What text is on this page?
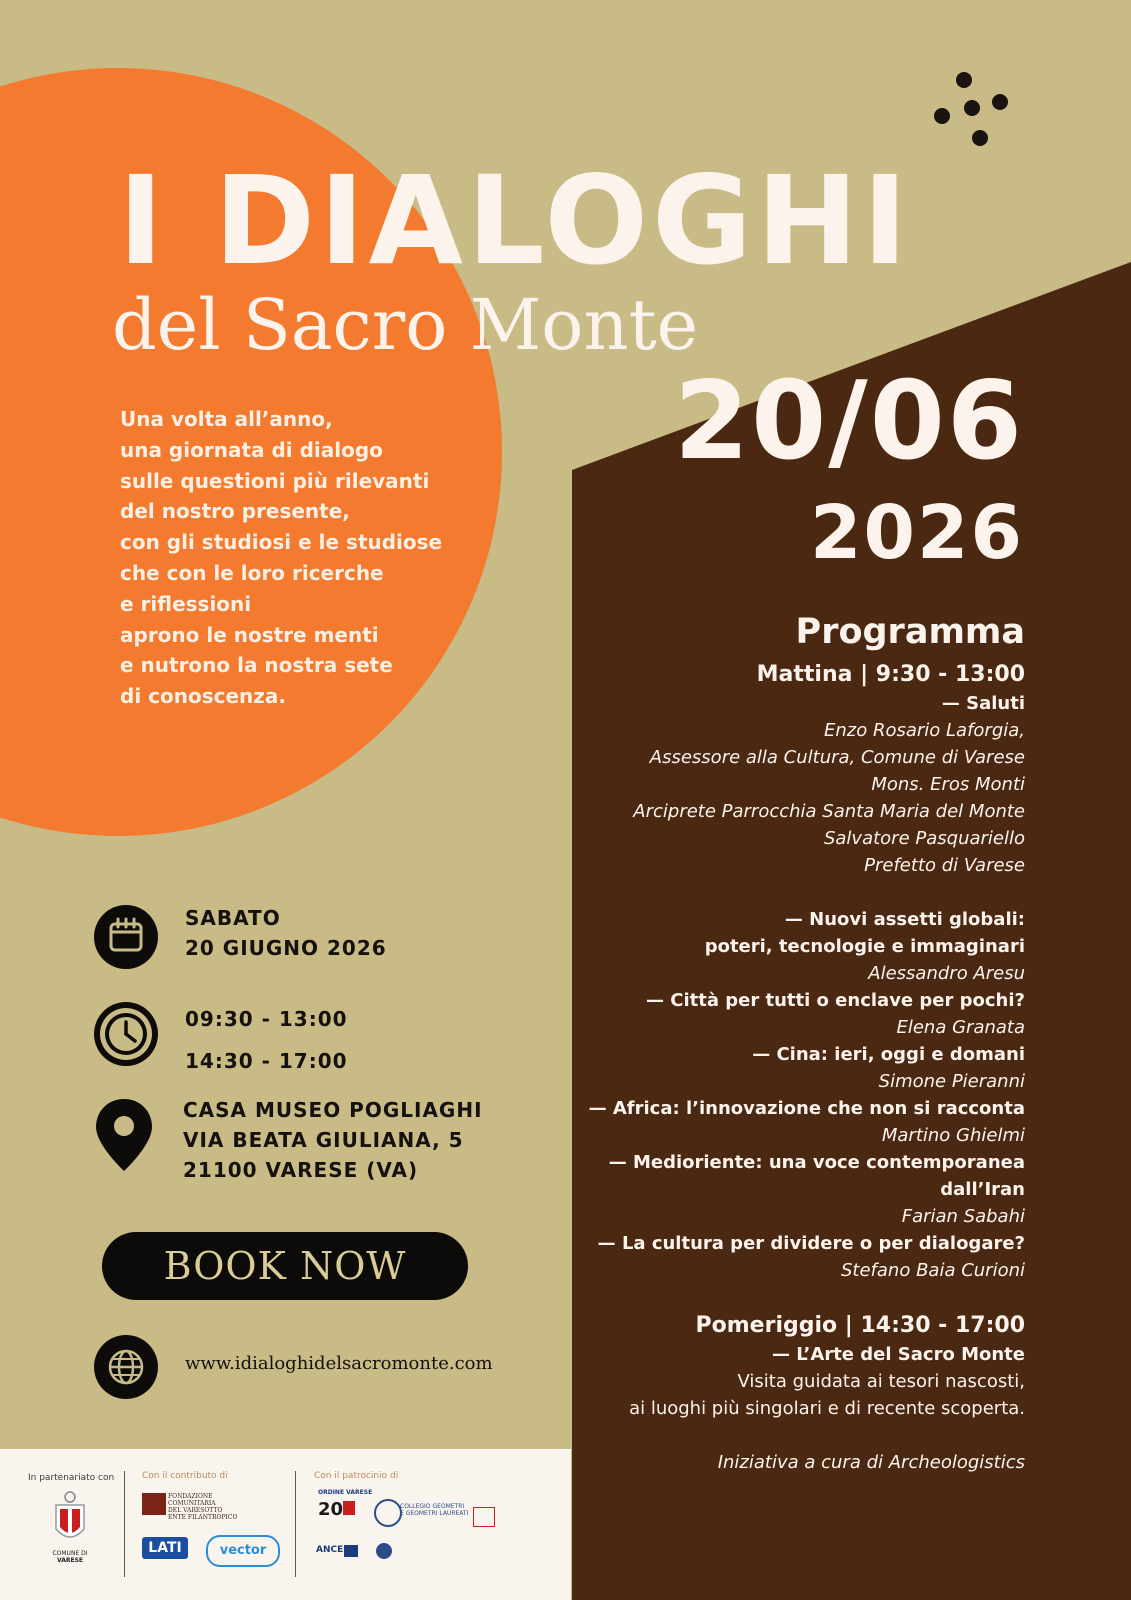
I DIALOGHI
del Sacro Monte
Una volta all’anno,
una giornata di dialogo
sulle questioni più rilevanti
del nostro presente,
con gli studiosi e le studiose
che con le loro ricerche
e riflessioni
aprono le nostre menti
e nutrono la nostra sete
di conoscenza.
20/06
2026
Programma
Mattina | 9:30 - 13:00
— Saluti
Enzo Rosario Laforgia,
Assessore alla Cultura, Comune di Varese
Mons. Eros Monti
Arciprete Parrocchia Santa Maria del Monte
Salvatore Pasquariello
Prefetto di Varese
— Nuovi assetti globali:
poteri, tecnologie e immaginari
Alessandro Aresu
— Città per tutti o enclave per pochi?
Elena Granata
— Cina: ieri, oggi e domani
Simone Pieranni
— Africa: l’innovazione che non si racconta
Martino Ghielmi
— Medioriente: una voce contemporanea
dall’Iran
Farian Sabahi
— La cultura per dividere o per dialogare?
Stefano Baia Curioni
Pomeriggio | 14:30 - 17:00
— L’Arte del Sacro Monte
Visita guidata ai tesori nascosti,
ai luoghi più singolari e di recente scoperta.
Iniziativa a cura di Archeologistics
SABATO
20 GIUGNO 2026
09:30 - 13:00
14:30 - 17:00
CASA MUSEO POGLIAGHI
VIA BEATA GIULIANA, 5
21100 VARESE (VA)
BOOK NOW
www.idialoghidelsacromonte.com
In partenariato con	Con il contributo di	Con il patrocinio di
COMUNE DI
VARESE
FONDAZIONE
COMUNITARIA
DEL VARESOTTO
ENTE FILANTROPICO
LATI	vector
ORDINE VARESE
20	COLLEGIO GEOMETRI
E GEOMETRI LAUREATI
ANCE
